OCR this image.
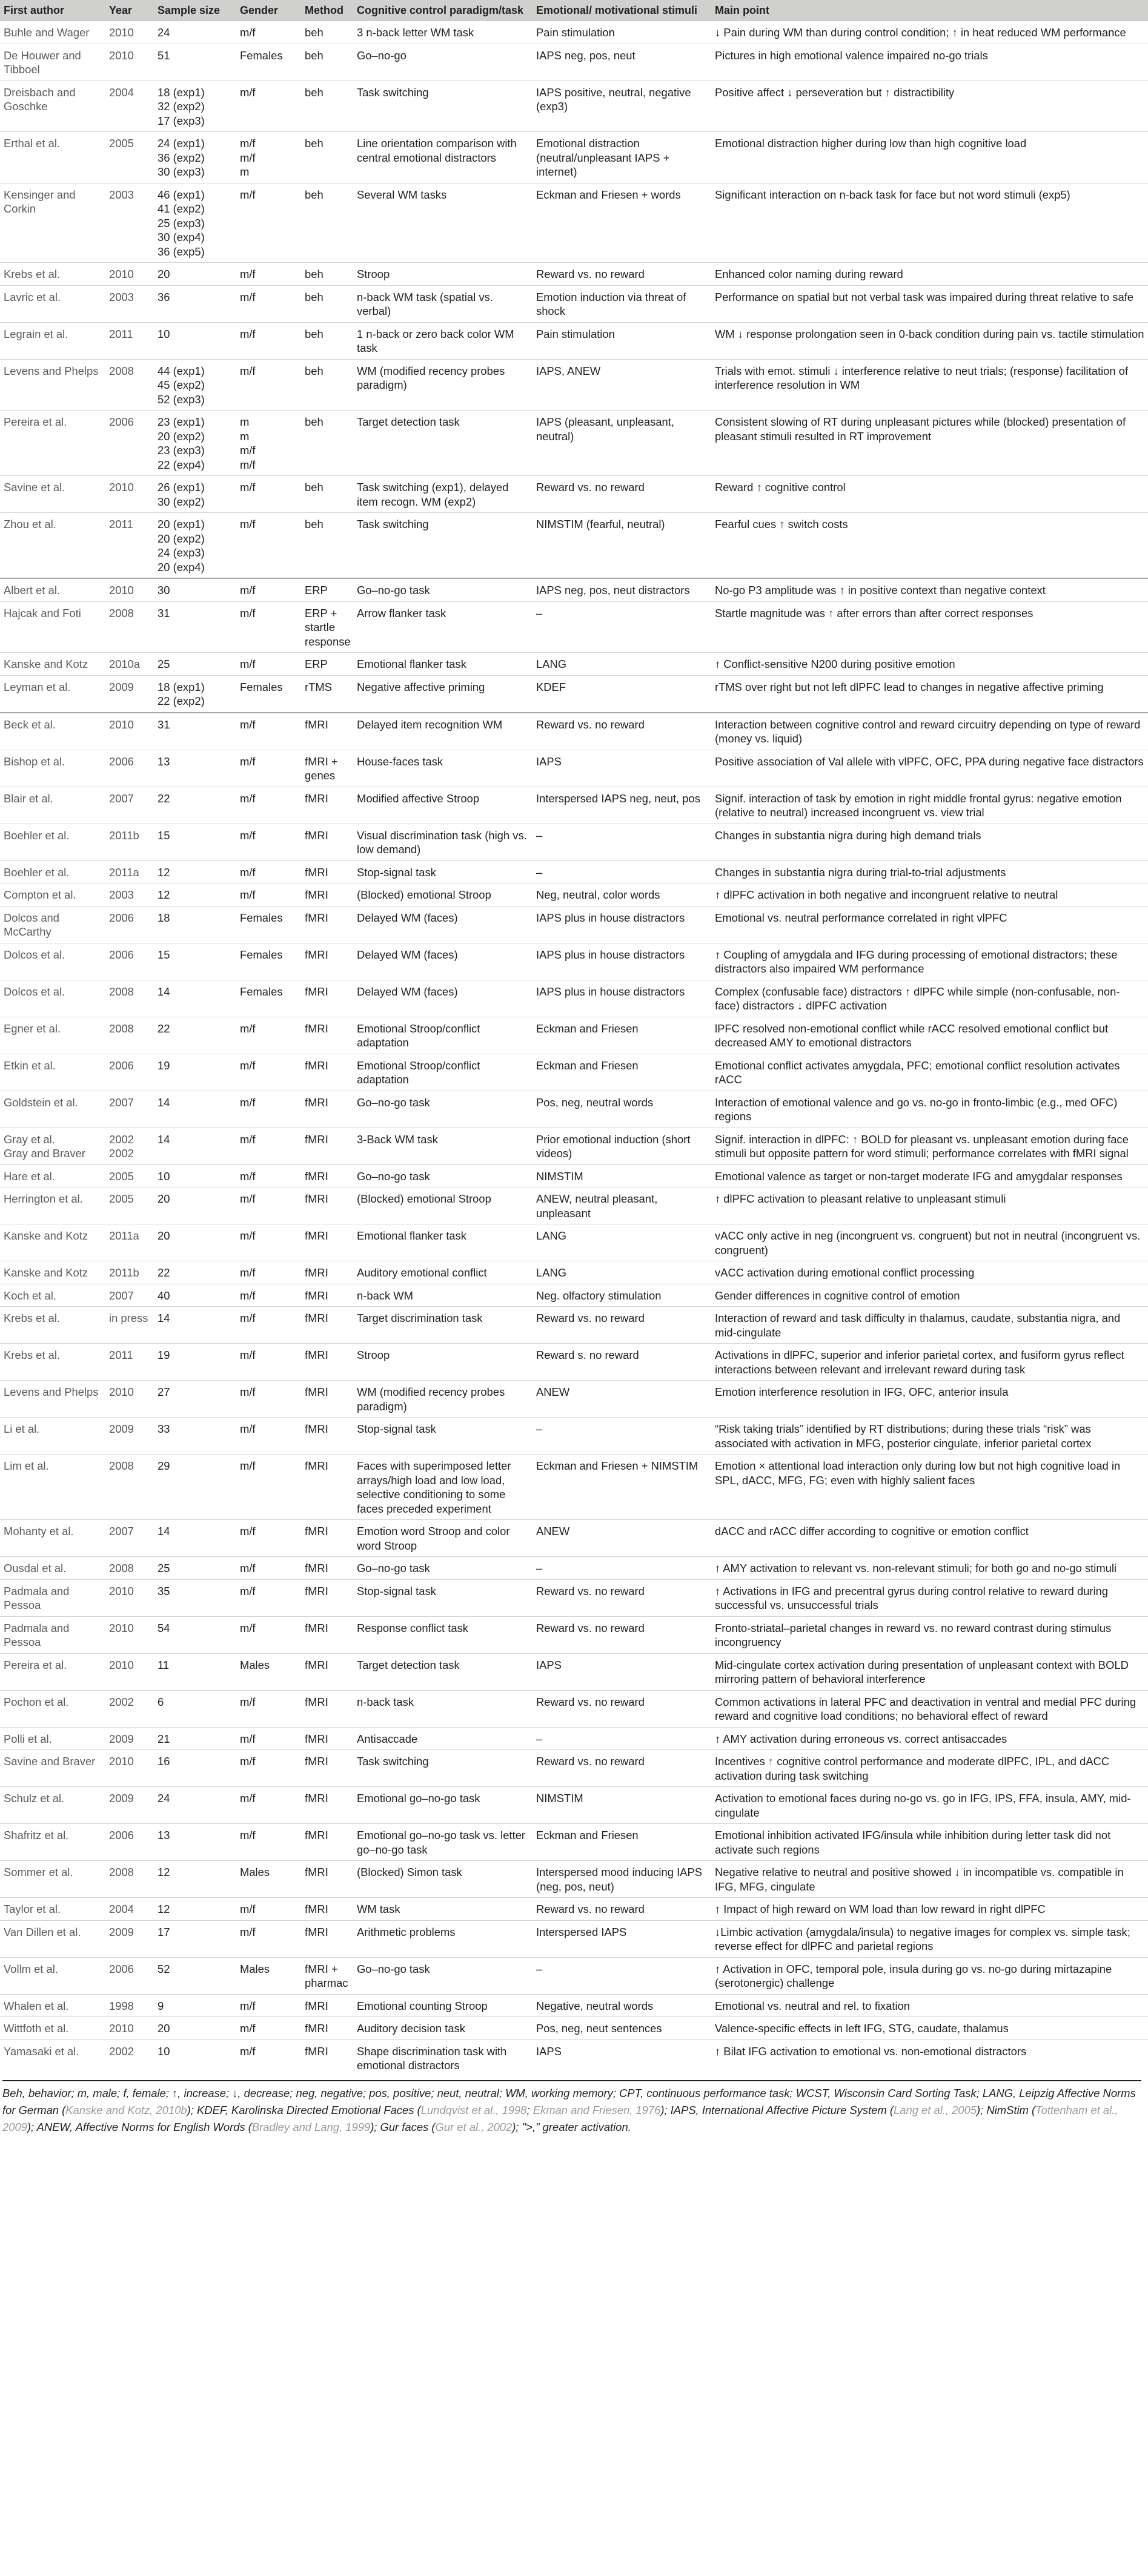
First author	Year	Sample size	Gender	Method	Cognitive control paradigm/task	Emotional/ motivational stimuli	Main point
Buhle and Wager	2010	24	m/f	beh	3 n-back letter WM task	Pain stimulation	↓ Pain during WM than during control condition; ↑ in heat reduced WM performance
De Houwer and Tibboel	2010	51	Females	beh	Go–no-go	IAPS neg, pos, neut	Pictures in high emotional valence impaired no-go trials
Dreisbach and Goschke	2004	18 (exp1)
32 (exp2)
17 (exp3)	m/f	beh	Task switching	IAPS positive, neutral, negative (exp3)	Positive affect ↓ perseveration but ↑ distractibility
Erthal et al.	2005	24 (exp1)
36 (exp2)
30 (exp3)	m/f
m/f
m	beh	Line orientation comparison with central emotional distractors	Emotional distraction (neutral/unpleasant IAPS + internet)	Emotional distraction higher during low than high cognitive load
Kensinger and Corkin	2003	46 (exp1)
41 (exp2)
25 (exp3)
30 (exp4)
36 (exp5)	m/f	beh	Several WM tasks	Eckman and Friesen + words	Significant interaction on n-back task for face but not word stimuli (exp5)
Krebs et al.	2010	20	m/f	beh	Stroop	Reward vs. no reward	Enhanced color naming during reward
Lavric et al.	2003	36	m/f	beh	n-back WM task (spatial vs. verbal)	Emotion induction via threat of shock	Performance on spatial but not verbal task was impaired during threat relative to safe
Legrain et al.	2011	10	m/f	beh	1 n-back or zero back color WM task	Pain stimulation	WM ↓ response prolongation seen in 0-back condition during pain vs. tactile stimulation
Levens and Phelps	2008	44 (exp1)
45 (exp2)
52 (exp3)	m/f	beh	WM (modified recency probes paradigm)	IAPS, ANEW	Trials with emot. stimuli ↓ interference relative to neut trials; (response) facilitation of interference resolution in WM
Pereira et al.	2006	23 (exp1)
20 (exp2)
23 (exp3)
22 (exp4)	m
m
m/f
m/f	beh	Target detection task	IAPS (pleasant, unpleasant, neutral)	Consistent slowing of RT during unpleasant pictures while (blocked) presentation of pleasant stimuli resulted in RT improvement
Savine et al.	2010	26 (exp1)
30 (exp2)	m/f	beh	Task switching (exp1), delayed item recogn. WM (exp2)	Reward vs. no reward	Reward ↑ cognitive control
Zhou et al.	2011	20 (exp1)
20 (exp2)
24 (exp3)
20 (exp4)	m/f	beh	Task switching	NIMSTIM (fearful, neutral)	Fearful cues ↑ switch costs
Albert et al.	2010	30	m/f	ERP	Go–no-go task	IAPS neg, pos, neut distractors	No-go P3 amplitude was ↑ in positive context than negative context
Hajcak and Foti	2008	31	m/f	ERP + startle response	Arrow flanker task	–	Startle magnitude was ↑ after errors than after correct responses
Kanske and Kotz	2010a	25	m/f	ERP	Emotional flanker task	LANG	↑ Conflict-sensitive N200 during positive emotion
Leyman et al.	2009	18 (exp1)
22 (exp2)	Females	rTMS	Negative affective priming	KDEF	rTMS over right but not left dlPFC lead to changes in negative affective priming
Beck et al.	2010	31	m/f	fMRI	Delayed item recognition WM	Reward vs. no reward	Interaction between cognitive control and reward circuitry depending on type of reward (money vs. liquid)
Bishop et al.	2006	13	m/f	fMRI + genes	House-faces task	IAPS	Positive association of Val allele with vlPFC, OFC, PPA during negative face distractors
Blair et al.	2007	22	m/f	fMRI	Modified affective Stroop	Interspersed IAPS neg, neut, pos	Signif. interaction of task by emotion in right middle frontal gyrus: negative emotion (relative to neutral) increased incongruent vs. view trial
Boehler et al.	2011b	15	m/f	fMRI	Visual discrimination task (high vs. low demand)	–	Changes in substantia nigra during high demand trials
Boehler et al.	2011a	12	m/f	fMRI	Stop-signal task	–	Changes in substantia nigra during trial-to-trial adjustments
Compton et al.	2003	12	m/f	fMRI	(Blocked) emotional Stroop	Neg, neutral, color words	↑ dlPFC activation in both negative and incongruent relative to neutral
Dolcos and McCarthy	2006	18	Females	fMRI	Delayed WM (faces)	IAPS plus in house distractors	Emotional vs. neutral performance correlated in right vlPFC
Dolcos et al.	2006	15	Females	fMRI	Delayed WM (faces)	IAPS plus in house distractors	↑ Coupling of amygdala and IFG during processing of emotional distractors; these distractors also impaired WM performance
Dolcos et al.	2008	14	Females	fMRI	Delayed WM (faces)	IAPS plus in house distractors	Complex (confusable face) distractors ↑ dlPFC while simple (non-confusable, non-face) distractors ↓ dlPFC activation
Egner et al.	2008	22	m/f	fMRI	Emotional Stroop/conflict adaptation	Eckman and Friesen	lPFC resolved non-emotional conflict while rACC resolved emotional conflict but decreased AMY to emotional distractors
Etkin et al.	2006	19	m/f	fMRI	Emotional Stroop/conflict adaptation	Eckman and Friesen	Emotional conflict activates amygdala, PFC; emotional conflict resolution activates rACC
Goldstein et al.	2007	14	m/f	fMRI	Go–no-go task	Pos, neg, neutral words	Interaction of emotional valence and go vs. no-go in fronto-limbic (e.g., med OFC) regions
Gray et al.
Gray and Braver	2002
2002	14	m/f	fMRI	3-Back WM task	Prior emotional induction (short videos)	Signif. interaction in dlPFC: ↑ BOLD for pleasant vs. unpleasant emotion during face stimuli but opposite pattern for word stimuli; performance correlates with fMRI signal
Hare et al.	2005	10	m/f	fMRI	Go–no-go task	NIMSTIM	Emotional valence as target or non-target moderate IFG and amygdalar responses
Herrington et al.	2005	20	m/f	fMRI	(Blocked) emotional Stroop	ANEW, neutral pleasant, unpleasant	↑ dlPFC activation to pleasant relative to unpleasant stimuli
Kanske and Kotz	2011a	20	m/f	fMRI	Emotional flanker task	LANG	vACC only active in neg (incongruent vs. congruent) but not in neutral (incongruent vs. congruent)
Kanske and Kotz	2011b	22	m/f	fMRI	Auditory emotional conflict	LANG	vACC activation during emotional conflict processing
Koch et al.	2007	40	m/f	fMRI	n-back WM	Neg. olfactory stimulation	Gender differences in cognitive control of emotion
Krebs et al.	in press	14	m/f	fMRI	Target discrimination task	Reward vs. no reward	Interaction of reward and task difficulty in thalamus, caudate, substantia nigra, and mid-cingulate
Krebs et al.	2011	19	m/f	fMRI	Stroop	Reward s. no reward	Activations in dlPFC, superior and inferior parietal cortex, and fusiform gyrus reflect interactions between relevant and irrelevant reward during task
Levens and Phelps	2010	27	m/f	fMRI	WM (modified recency probes paradigm)	ANEW	Emotion interference resolution in IFG, OFC, anterior insula
Li et al.	2009	33	m/f	fMRI	Stop-signal task	–	“Risk taking trials” identified by RT distributions; during these trials “risk” was associated with activation in MFG, posterior cingulate, inferior parietal cortex
Lim et al.	2008	29	m/f	fMRI	Faces with superimposed letter arrays/high load and low load, selective conditioning to some faces preceded experiment	Eckman and Friesen + NIMSTIM	Emotion × attentional load interaction only during low but not high cognitive load in SPL, dACC, MFG, FG; even with highly salient faces
Mohanty et al.	2007	14	m/f	fMRI	Emotion word Stroop and color word Stroop	ANEW	dACC and rACC differ according to cognitive or emotion conflict
Ousdal et al.	2008	25	m/f	fMRI	Go–no-go task	–	↑ AMY activation to relevant vs. non-relevant stimuli; for both go and no-go stimuli
Padmala and Pessoa	2010	35	m/f	fMRI	Stop-signal task	Reward vs. no reward	↑ Activations in IFG and precentral gyrus during control relative to reward during successful vs. unsuccessful trials
Padmala and Pessoa	2010	54	m/f	fMRI	Response conflict task	Reward vs. no reward	Fronto-striatal–parietal changes in reward vs. no reward contrast during stimulus incongruency
Pereira et al.	2010	11	Males	fMRI	Target detection task	IAPS	Mid-cingulate cortex activation during presentation of unpleasant context with BOLD mirroring pattern of behavioral interference
Pochon et al.	2002	6	m/f	fMRI	n-back task	Reward vs. no reward	Common activations in lateral PFC and deactivation in ventral and medial PFC during reward and cognitive load conditions; no behavioral effect of reward
Polli et al.	2009	21	m/f	fMRI	Antisaccade	–	↑ AMY activation during erroneous vs. correct antisaccades
Savine and Braver	2010	16	m/f	fMRI	Task switching	Reward vs. no reward	Incentives ↑ cognitive control performance and moderate dlPFC, IPL, and dACC activation during task switching
Schulz et al.	2009	24	m/f	fMRI	Emotional go–no-go task	NIMSTIM	Activation to emotional faces during no-go vs. go in IFG, IPS, FFA, insula, AMY, mid-cingulate
Shafritz et al.	2006	13	m/f	fMRI	Emotional go–no-go task vs. letter go–no-go task	Eckman and Friesen	Emotional inhibition activated IFG/insula while inhibition during letter task did not activate such regions
Sommer et al.	2008	12	Males	fMRI	(Blocked) Simon task	Interspersed mood inducing IAPS (neg, pos, neut)	Negative relative to neutral and positive showed ↓ in incompatible vs. compatible in IFG, MFG, cingulate
Taylor et al.	2004	12	m/f	fMRI	WM task	Reward vs. no reward	↑ Impact of high reward on WM load than low reward in right dlPFC
Van Dillen et al.	2009	17	m/f	fMRI	Arithmetic problems	Interspersed IAPS	↓Limbic activation (amygdala/insula) to negative images for complex vs. simple task; reverse effect for dlPFC and parietal regions
Vollm et al.	2006	52	Males	fMRI + pharmac	Go–no-go task	–	↑ Activation in OFC, temporal pole, insula during go vs. no-go during mirtazapine (serotonergic) challenge
Whalen et al.	1998	9	m/f	fMRI	Emotional counting Stroop	Negative, neutral words	Emotional vs. neutral and rel. to fixation
Wittfoth et al.	2010	20	m/f	fMRI	Auditory decision task	Pos, neg, neut sentences	Valence-specific effects in left IFG, STG, caudate, thalamus
Yamasaki et al.	2002	10	m/f	fMRI	Shape discrimination task with emotional distractors	IAPS	↑ Bilat IFG activation to emotional vs. non-emotional distractors
Beh, behavior; m, male; f, female; ↑, increase; ↓, decrease; neg, negative; pos, positive; neut, neutral; WM, working memory; CPT, continuous performance task; WCST, Wisconsin Card Sorting Task; LANG, Leipzig Affective Norms for German (Kanske and Kotz, 2010b); KDEF, Karolinska Directed Emotional Faces (Lundqvist et al., 1998; Ekman and Friesen, 1976); IAPS, International Affective Picture System (Lang et al., 2005); NimStim (Tottenham et al., 2009); ANEW, Affective Norms for English Words (Bradley and Lang, 1999); Gur faces (Gur et al., 2002); ">," greater activation.
